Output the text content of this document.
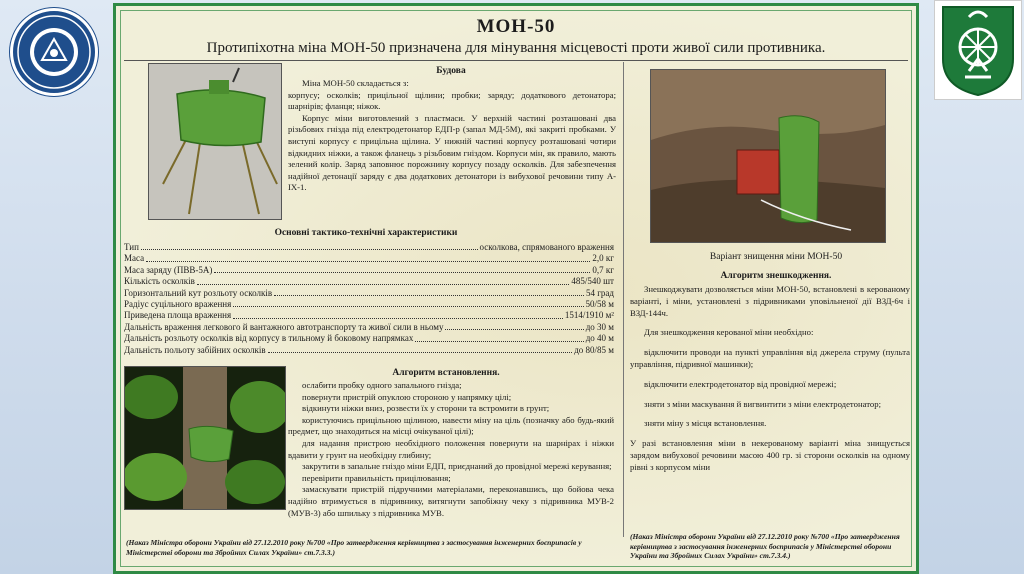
МОН-50
Протипіхотна міна МОН-50 призначена для мінування місцевості проти живої сили противника.
Будова
Міна МОН-50 складається з:
корпусу; осколків; прицільної щілини; пробки; заряду; додаткового детонатора; шарнірів; фланця; ніжок.
Корпус міни виготовлений з пластмаси. У верхній частині розташовані два різьбових гнізда під електродетонатор ЕДП-р (запал МД-5М), які закриті пробками. У виступі корпусу є прицільна щілина. У нижній частині корпусу розташовані чотири відкидних ніжки, а також фланець з різьбовим гніздом. Корпуси мін, як правило, мають зелений колір. Заряд заповнює порожнину корпусу позаду осколків. Для забезпечення надійної детонації заряду є два додаткових детонатори із вибухової речовини типу А-ІХ-1.
Основні тактико-технічні характеристики
Тип	осколкова, спрямованого враження
Маса	2,0 кг
Маса заряду (ПВВ-5А)	0,7 кг
Кількість осколків	485/540 шт
Горизонтальний кут розльоту осколків	54 град
Радіус суцільного враження	50/58 м
Приведена площа враження	1514/1910 м²
Дальність враження легкового й вантажного автотранспорту та живої сили в ньому	до 30 м
Дальність розльоту осколків від корпусу в тильному й боковому напрямках	до 40 м
Дальність польоту забійних осколків	до 80/85 м
Алгоритм встановлення.
ослабити пробку одного запального гнізда;
повернути пристрій опуклою стороною у напрямку цілі;
відкинути ніжки вниз, розвести їх у сторони та встромити в грунт;
користуючись прицільною щілиною, навести міну на ціль (позначку або будь-який предмет, що знаходиться на місці очікуваної цілі);
для надання пристрою необхідного положення повернути на шарнірах і ніжки вдавити у грунт на необхідну глибину;
закрутити в запальне гніздо міни ЕДП, приєднаний до провідної мережі керування;
перевірити правильність прицілювання;
замаскувати пристрій підручними матеріалами, переконавшись, що бойова чека надійно втримується в підривнику, витягнути запобіжну чеку з підривника МУВ-2 (МУВ-3) або шпильку з підривника МУВ.
(Наказ Міністра оборони України від 27.12.2010 року №700 «Про затвердження керівництва з застосування інженерних боєприпасів у Міністерстві оборони та Збройних Силах України» ст.7.3.3.)
Варіант знищення міни МОН-50
Алгоритм знешкодження.
Знешкоджувати дозволяється міни МОН-50, встановлені в керованому варіанті, і міни, установлені з підривниками уповільненої дії ВЗД-6ч і ВЗД-144ч.
Для знешкодження керованої міни необхідно:
відключити проводи на пункті управління від джерела струму (пульта управління, підривної машинки);
відключити електродетонатор від провідної мережі;
зняти з міни маскування й вигвинтити з міни електродетонатор;
зняти міну з місця встановлення.
У разі встановлення міни в некерованому варіанті міна знищується зарядом вибухової речовини масою 400 гр. зі сторони осколків на одному рівні з корпусом міни
(Наказ Міністра оборони України від 27.12.2010 року №700 «Про затвердження керівництва з застосування інженерних боєприпасів у Міністерстві оборони України та Збройних Силах України» ст.7.3.4.)
